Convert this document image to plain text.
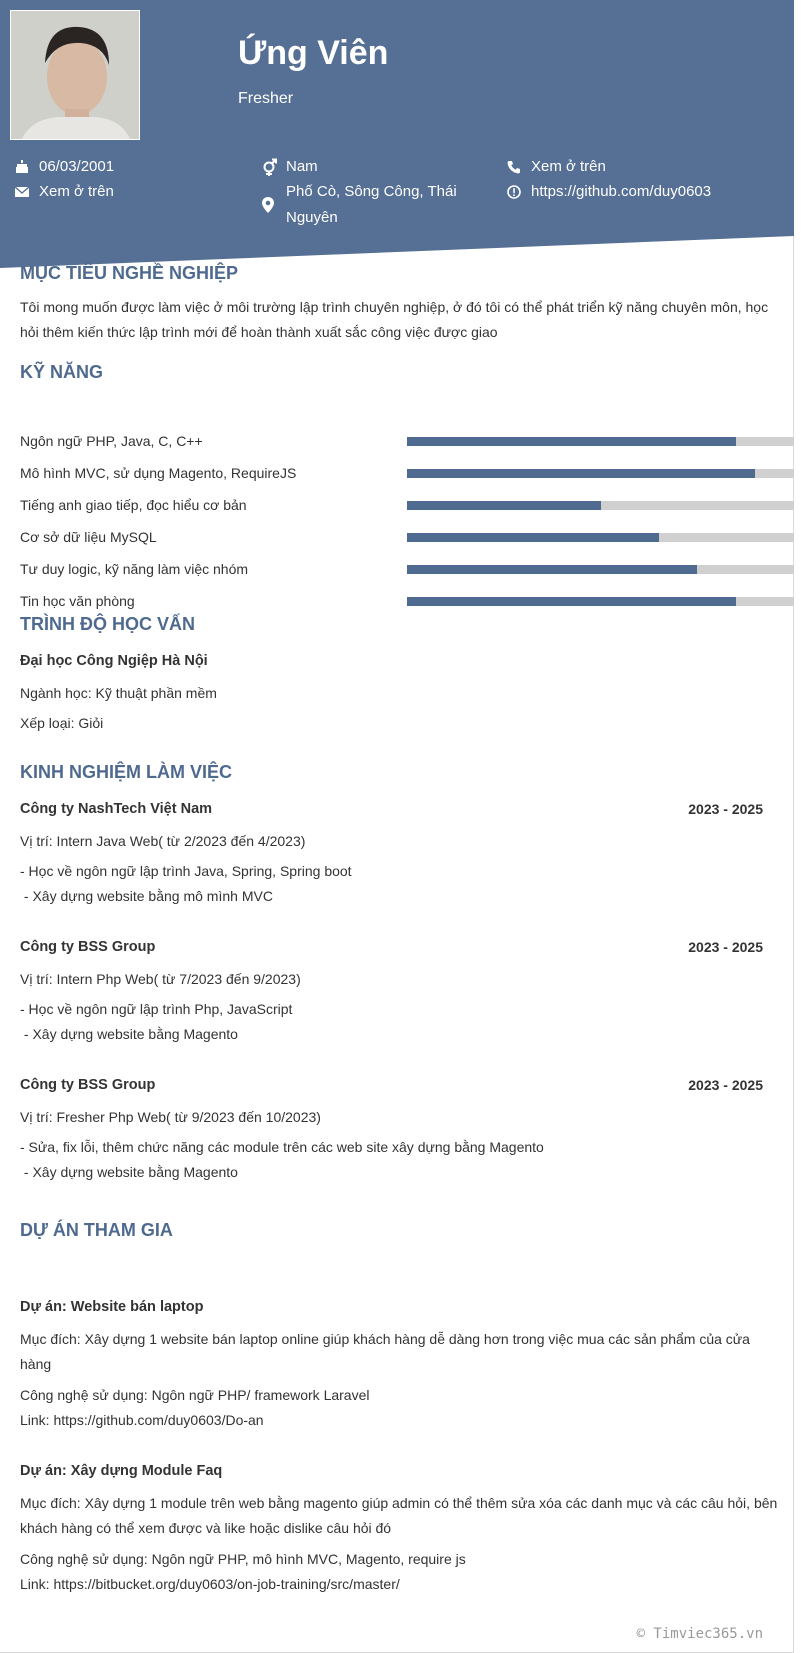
Ứng Viên
Fresher
06/03/2001
Xem ở trên
Nam
Phố Cò, Sông Công, Thái
Nguyên
Xem ở trên
https://github.com/duy0603
MỤC TIÊU NGHỀ NGHIỆP
Tôi mong muốn được làm việc ở môi trường lập trình chuyên nghiệp, ở đó tôi có thể phát triển kỹ năng chuyên môn, học
hỏi thêm kiến thức lập trình mới để hoàn thành xuất sắc công việc được giao
KỸ NĂNG
Ngôn ngữ PHP, Java, C, C++
Mô hình MVC, sử dụng Magento, RequireJS
Tiếng anh giao tiếp, đọc hiểu cơ bản
Cơ sở dữ liệu MySQL
Tư duy logic, kỹ năng làm việc nhóm
Tin học văn phòng
TRÌNH ĐỘ HỌC VẤN
Đại học Công Ngiệp Hà Nội
Ngành học: Kỹ thuật phần mềm
Xếp loại: Giỏi
KINH NGHIỆM LÀM VIỆC
Công ty NashTech Việt Nam	2023 - 2025
Vị trí: Intern Java Web( từ 2/2023 đến 4/2023)
- Học về ngôn ngữ lập trình Java, Spring, Spring boot
- Xây dựng website bằng mô mình MVC
Công ty BSS Group	2023 - 2025
Vị trí: Intern Php Web( từ 7/2023 đến 9/2023)
- Học về ngôn ngữ lập trình Php, JavaScript
- Xây dựng website bằng Magento
Công ty BSS Group	2023 - 2025
Vị trí: Fresher Php Web( từ 9/2023 đến 10/2023)
- Sửa, fix lỗi, thêm chức năng các module trên các web site xây dựng bằng Magento
- Xây dựng website bằng Magento
DỰ ÁN THAM GIA
Dự án: Website bán laptop
Mục đích: Xây dựng 1 website bán laptop online giúp khách hàng dễ dàng hơn trong việc mua các sản phẩm của cửa
hàng
Công nghệ sử dụng: Ngôn ngữ PHP/ framework Laravel
Link: https://github.com/duy0603/Do-an
Dự án: Xây dựng Module Faq
Mục đích: Xây dựng 1 module trên web bằng magento giúp admin có thể thêm sửa xóa các danh mục và các câu hỏi, bên
khách hàng có thể xem được và like hoặc dislike câu hỏi đó
Công nghệ sử dụng: Ngôn ngữ PHP, mô hình MVC, Magento, require js
Link: https://bitbucket.org/duy0603/on-job-training/src/master/
© Timviec365.vn
